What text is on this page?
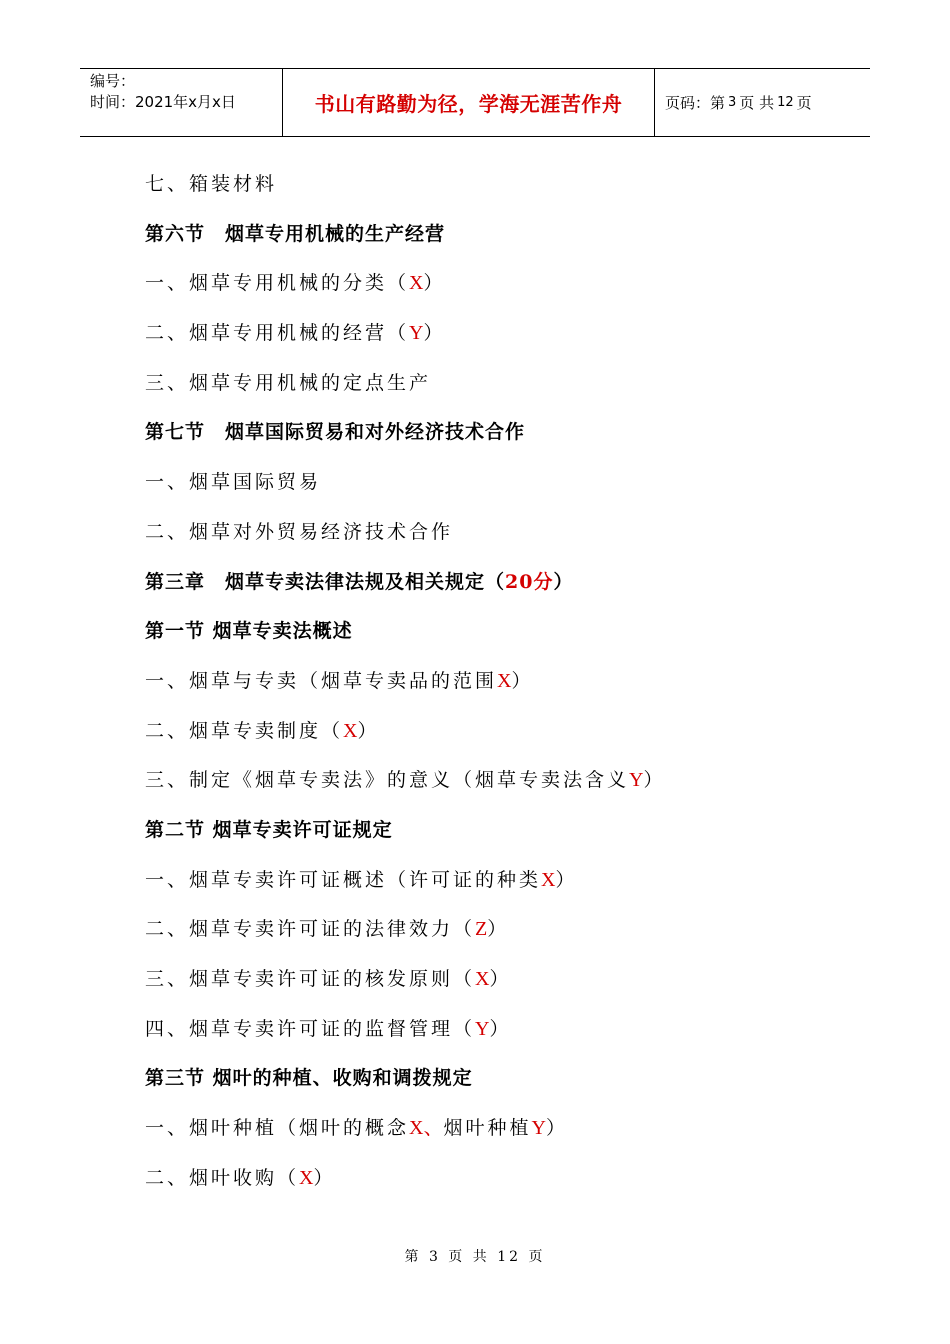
编号：
时间：2021年x月x日	书山有路勤为径，学海无涯苦作舟	页码：第 3 页 共 12 页
七、箱装材料
第六节　烟草专用机械的生产经营
一、烟草专用机械的分类（X）
二、烟草专用机械的经营（Y）
三、烟草专用机械的定点生产
第七节　烟草国际贸易和对外经济技术合作
一、烟草国际贸易
二、烟草对外贸易经济技术合作
第三章　烟草专卖法律法规及相关规定（20分）
第一节 烟草专卖法概述
一、烟草与专卖（烟草专卖品的范围X）
二、烟草专卖制度（X）
三、制定《烟草专卖法》的意义（烟草专卖法含义Y）
第二节 烟草专卖许可证规定
一、烟草专卖许可证概述（许可证的种类X）
二、烟草专卖许可证的法律效力（Z）
三、烟草专卖许可证的核发原则（X）
四、烟草专卖许可证的监督管理（Y）
第三节 烟叶的种植、收购和调拨规定
一、烟叶种植（烟叶的概念X、烟叶种植Y）
二、烟叶收购（X）
第 3 页 共 12 页
